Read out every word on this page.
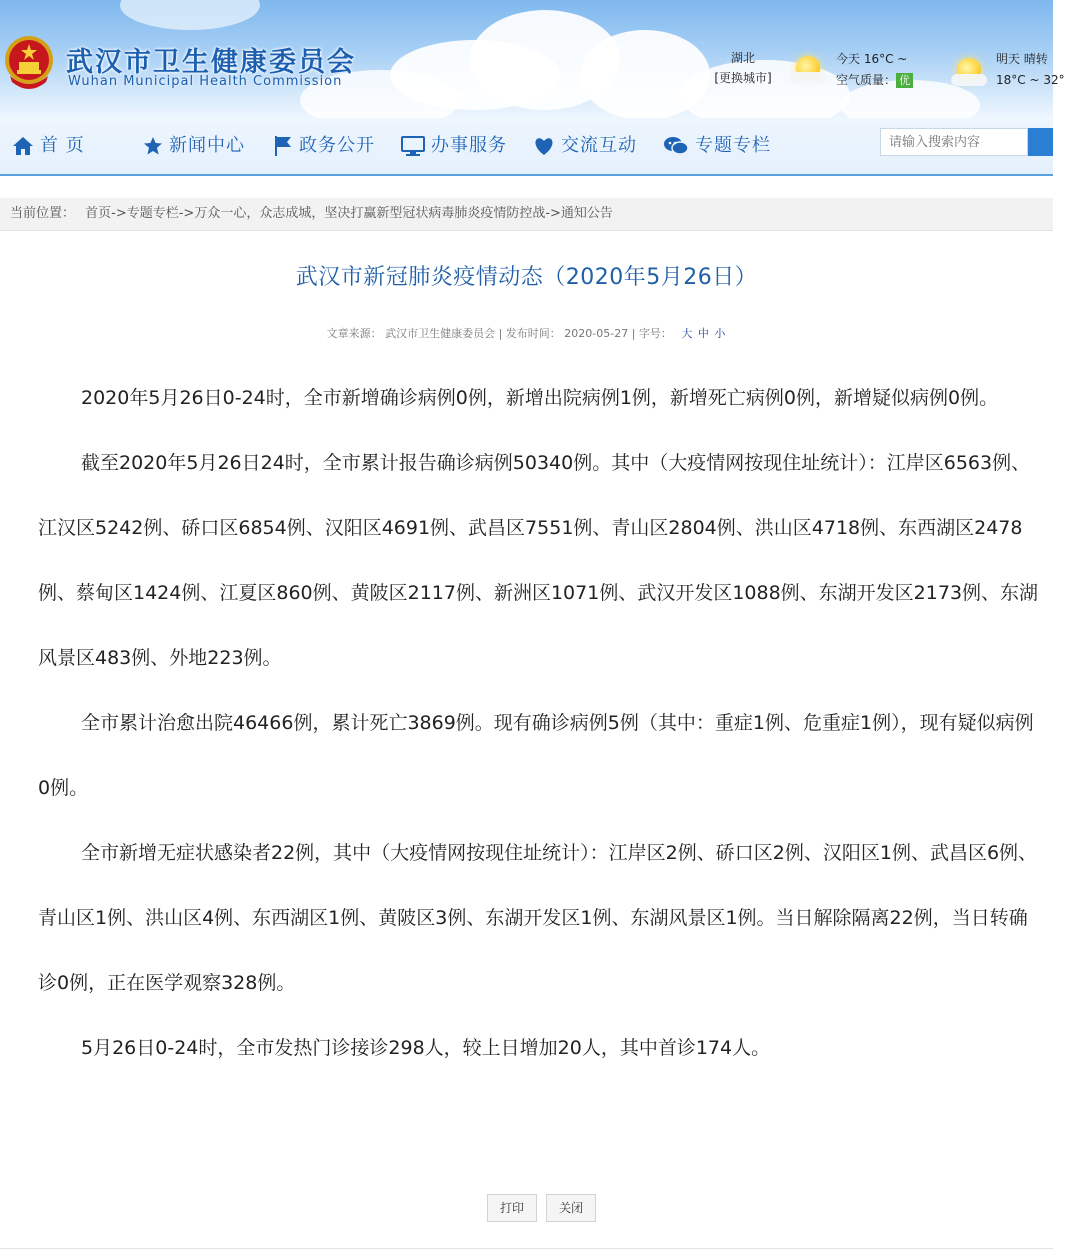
武汉市卫生健康委员会
Wuhan Municipal Health Commission
湖北
[更换城市]
今天 16°C ~
空气质量： 优
明天 晴转
18°C ~ 32°
首 页	新闻中心	政务公开	办事服务	交流互动	专题专栏
请输入搜索内容
当前位置： 首页->专题专栏->万众一心，众志成城，坚决打赢新型冠状病毒肺炎疫情防控战->通知公告
武汉市新冠肺炎疫情动态（2020年5月26日）
文章来源： 武汉市卫生健康委员会 | 发布时间： 2020-05-27 | 字号： 大 中 小

2020年5月26日0-24时，全市新增确诊病例0例，新增出院病例1例，新增死亡病例0例，新增疑似病例0例。

截至2020年5月26日24时，全市累计报告确诊病例50340例。其中（大疫情网按现住址统计）：江岸区6563例、江汉区5242例、硚口区6854例、汉阳区4691例、武昌区7551例、青山区2804例、洪山区4718例、东西湖区2478例、蔡甸区1424例、江夏区860例、黄陂区2117例、新洲区1071例、武汉开发区1088例、东湖开发区2173例、东湖风景区483例、外地223例。

全市累计治愈出院46466例，累计死亡3869例。现有确诊病例5例（其中：重症1例、危重症1例），现有疑似病例0例。

全市新增无症状感染者22例，其中（大疫情网按现住址统计）：江岸区2例、硚口区2例、汉阳区1例、武昌区6例、青山区1例、洪山区4例、东西湖区1例、黄陂区3例、东湖开发区1例、东湖风景区1例。当日解除隔离22例，当日转确诊0例，正在医学观察328例。

5月26日0-24时，全市发热门诊接诊298人，较上日增加20人，其中首诊174人。

打印	关闭
